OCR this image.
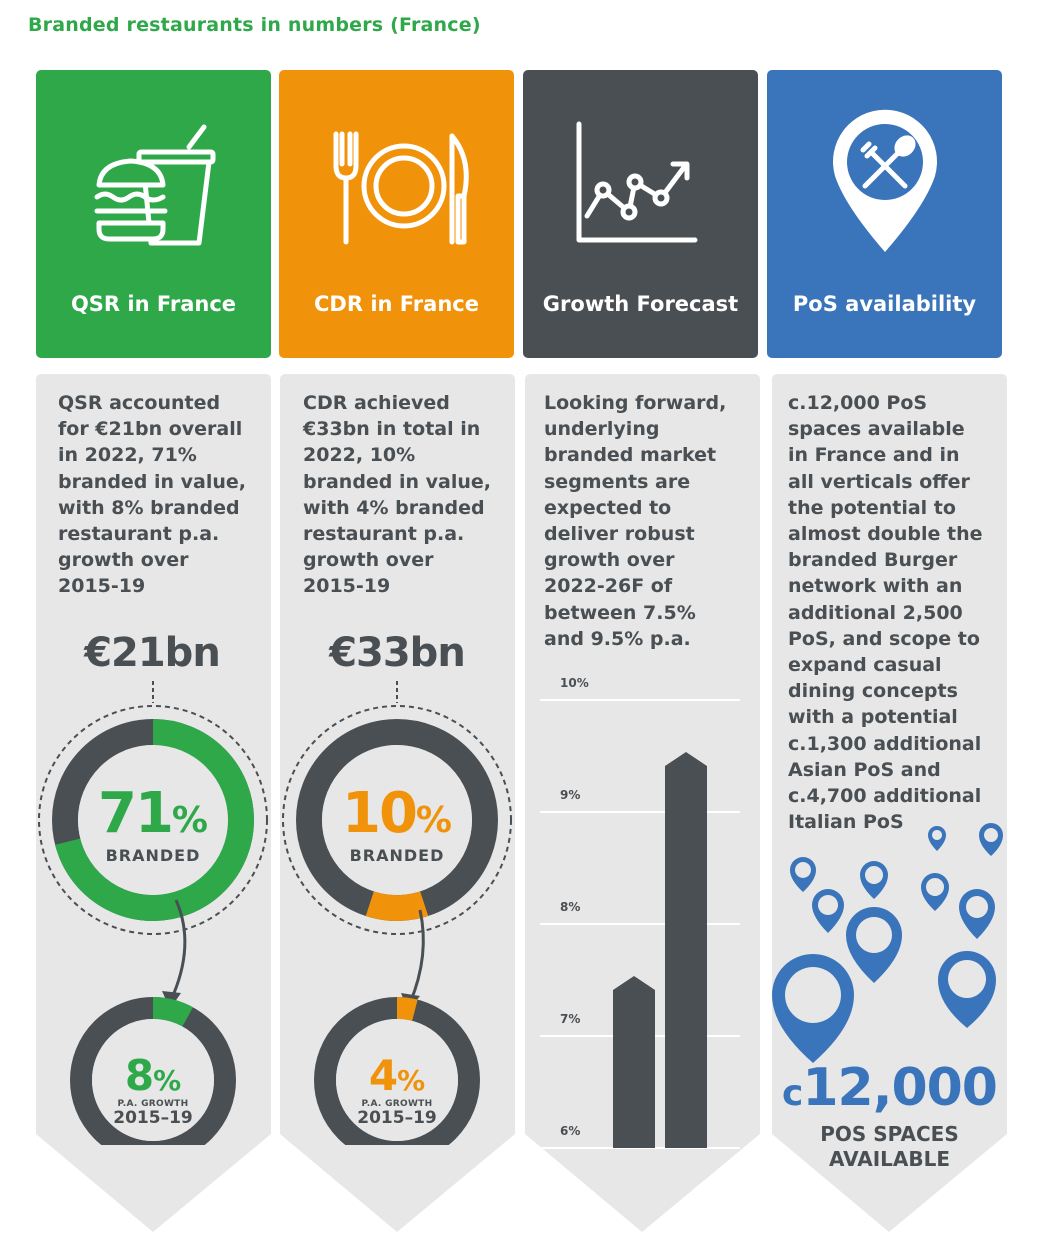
Branded restaurants in numbers (France)
QSR in France	CDR in France	Growth Forecast	PoS availability
QSR accounted for €21bn overall in 2022, 71% branded in value, with 8% branded restaurant p.a. growth over 2015-19
CDR achieved €33bn in total in 2022, 10% branded in value, with 4% branded restaurant p.a. growth over 2015-19
Looking forward, underlying branded market segments are expected to deliver robust growth over 2022-26F of between 7.5% and 9.5% p.a.
c.12,000 PoS spaces available in France and in all verticals offer the potential to almost double the branded Burger network with an additional 2,500 PoS, and scope to expand casual dining concepts with a potential c.1,300 additional Asian PoS and c.4,700 additional Italian PoS
€21bn
71%
BRANDED
8%
P.A. GROWTH
2015–19
€33bn
10%
BRANDED
4%
P.A. GROWTH
2015–19
10%
9%
8%
7%
6%
c12,000
POS SPACES
AVAILABLE
